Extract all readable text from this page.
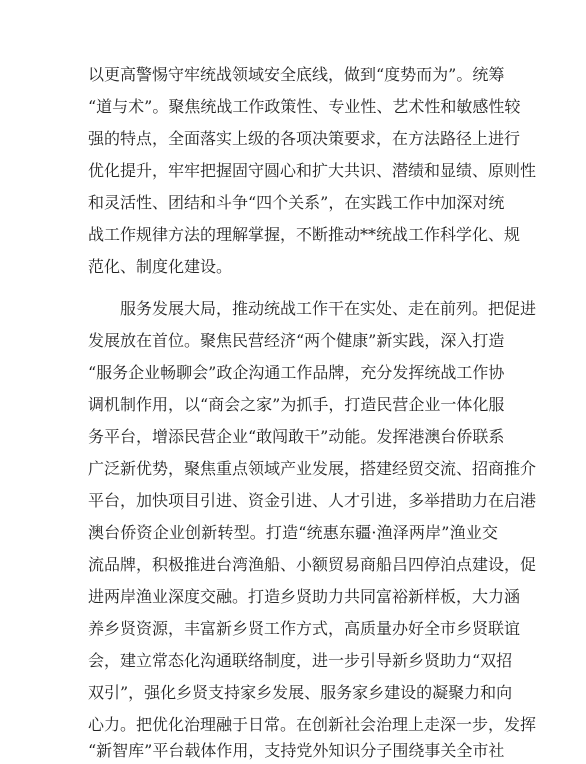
以更高警惕守牢统战领域安全底线，做到“度势而为”。统筹
“道与术”。聚焦统战工作政策性、专业性、艺术性和敏感性较
强的特点，全面落实上级的各项决策要求，在方法路径上进行
优化提升，牢牢把握固守圆心和扩大共识、潜绩和显绩、原则性
和灵活性、团结和斗争“四个关系”，在实践工作中加深对统
战工作规律方法的理解掌握，不断推动**统战工作科学化、规
范化、制度化建设。
服务发展大局，推动统战工作干在实处、走在前列。把促进
发展放在首位。聚焦民营经济“两个健康”新实践，深入打造
“服务企业畅聊会”政企沟通工作品牌，充分发挥统战工作协
调机制作用，以“商会之家”为抓手，打造民营企业一体化服
务平台，增添民营企业“敢闯敢干”动能。发挥港澳台侨联系
广泛新优势，聚焦重点领域产业发展，搭建经贸交流、招商推介
平台，加快项目引进、资金引进、人才引进，多举措助力在启港
澳台侨资企业创新转型。打造“统惠东疆·渔泽两岸”渔业交
流品牌，积极推进台湾渔船、小额贸易商船吕四停泊点建设，促
进两岸渔业深度交融。打造乡贤助力共同富裕新样板，大力涵
养乡贤资源，丰富新乡贤工作方式，高质量办好全市乡贤联谊
会，建立常态化沟通联络制度，进一步引导新乡贤助力“双招
双引”，强化乡贤支持家乡发展、服务家乡建设的凝聚力和向
心力。把优化治理融于日常。在创新社会治理上走深一步，发挥
“新智库”平台载体作用，支持党外知识分子围绕事关全市社
